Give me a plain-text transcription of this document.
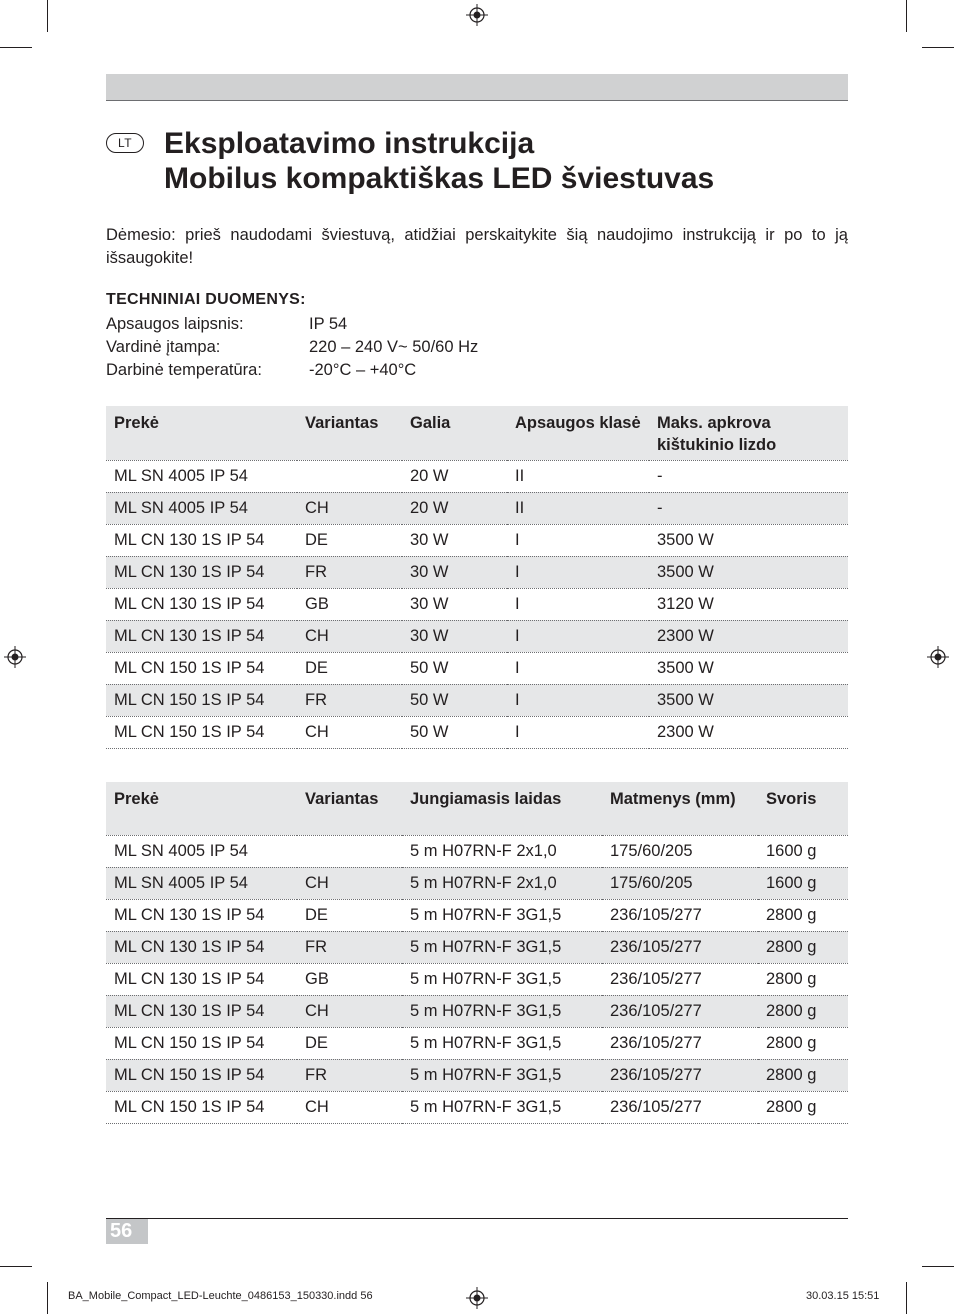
LT	Eksploatavimo instrukcija
Mobilus kompaktiškas LED šviestuvas
Dėmesio: prieš naudodami šviestuvą, atidžiai perskaitykite šią naudojimo instrukciją ir po to ją išsaugokite!
TECHNINIAI DUOMENYS:
Apsaugos laipsnis:	IP 54
Vardinė įtampa:	220 – 240 V~ 50/60 Hz
Darbinė temperatūra:	-20°C – +40°C
Prekė	Variantas	Galia	Apsaugos klasė	Maks. apkrova kištukinio lizdo
ML SN 4005 IP 54		20 W	II	-
ML SN 4005 IP 54	CH	20 W	II	-
ML CN 130 1S IP 54	DE	30 W	I	3500 W
ML CN 130 1S IP 54	FR	30 W	I	3500 W
ML CN 130 1S IP 54	GB	30 W	I	3120 W
ML CN 130 1S IP 54	CH	30 W	I	2300 W
ML CN 150 1S IP 54	DE	50 W	I	3500 W
ML CN 150 1S IP 54	FR	50 W	I	3500 W
ML CN 150 1S IP 54	CH	50 W	I	2300 W
Prekė	Variantas	Jungiamasis laidas	Matmenys (mm)	Svoris
ML SN 4005 IP 54		5 m H07RN-F 2x1,0	175/60/205	1600 g
ML SN 4005 IP 54	CH	5 m H07RN-F 2x1,0	175/60/205	1600 g
ML CN 130 1S IP 54	DE	5 m H07RN-F 3G1,5	236/105/277	2800 g
ML CN 130 1S IP 54	FR	5 m H07RN-F 3G1,5	236/105/277	2800 g
ML CN 130 1S IP 54	GB	5 m H07RN-F 3G1,5	236/105/277	2800 g
ML CN 130 1S IP 54	CH	5 m H07RN-F 3G1,5	236/105/277	2800 g
ML CN 150 1S IP 54	DE	5 m H07RN-F 3G1,5	236/105/277	2800 g
ML CN 150 1S IP 54	FR	5 m H07RN-F 3G1,5	236/105/277	2800 g
ML CN 150 1S IP 54	CH	5 m H07RN-F 3G1,5	236/105/277	2800 g
56
BA_Mobile_Compact_LED-Leuchte_0486153_150330.indd 56	30.03.15 15:51
